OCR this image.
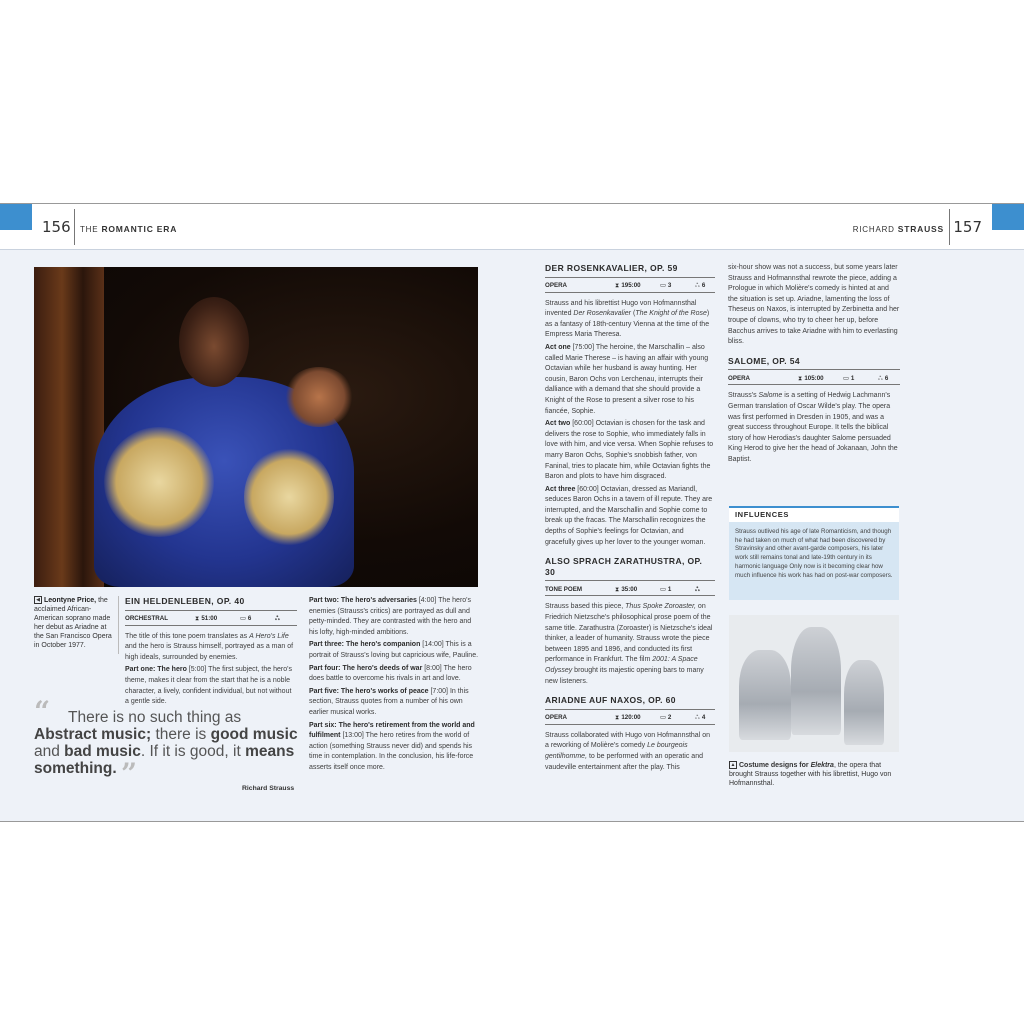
156 THE ROMANTIC ERA	RICHARD STRAUSS 157
◀ Leontyne Price, the acclaimed African-American soprano made her debut as Ariadne at the San Francisco Opera in October 1977.
EIN HELDENLEBEN, OP. 40
ORCHESTRAL	⧗ 51:00	▭ 6	ஃ

The title of this tone poem translates as A Hero's Life and the hero is Strauss himself, portrayed as a man of high ideals, surrounded by enemies.

Part one: The hero [5:00] The first subject, the hero's theme, makes it clear from the start that he is a noble character, a lively, confident individual, but not without a gentle side.

Part two: The hero's adversaries [4:00] The hero's enemies (Strauss's critics) are portrayed as dull and petty-minded. They are contrasted with the hero and his lofty, high-minded ambitions.

Part three: The hero's companion [14:00] This is a portrait of Strauss's loving but capricious wife, Pauline.

Part four: The hero's deeds of war [8:00] The hero does battle to overcome his rivals in art and love.

Part five: The hero's works of peace [7:00] In this section, Strauss quotes from a number of his own earlier musical works.

Part six: The hero's retirement from the world and fulfilment [13:00] The hero retires from the world of action (something Strauss never did) and spends his time in contemplation. In the conclusion, his life-force asserts itself once more.

“	There is no such thing as Abstract music; there is good music and bad music. If it is good, it means something. ”	Richard Strauss
DER ROSENKAVALIER, OP. 59
OPERA	⧗ 195:00	▭ 3	ஃ 6

Strauss and his librettist Hugo von Hofmannsthal invented Der Rosenkavalier (The Knight of the Rose) as a fantasy of 18th-century Vienna at the time of the Empress Maria Theresa.

Act one [75:00] The heroine, the Marschallin – also called Marie Therese – is having an affair with young Octavian while her husband is away hunting. Her cousin, Baron Ochs von Lerchenau, interrupts their dalliance with a demand that she should provide a Knight of the Rose to present a silver rose to his fiancée, Sophie.

Act two [60:00] Octavian is chosen for the task and delivers the rose to Sophie, who immediately falls in love with him, and vice versa. When Sophie refuses to marry Baron Ochs, Sophie's snobbish father, von Faninal, tries to placate him, while Octavian fights the Baron and plots to have him disgraced.

Act three [60:00] Octavian, dressed as Mariandl, seduces Baron Ochs in a tavern of ill repute. They are interrupted, and the Marschallin and Sophie come to break up the fracas. The Marschallin recognizes the depths of Sophie's feelings for Octavian, and gracefully gives up her lover to the younger woman.

ALSO SPRACH ZARATHUSTRA, OP. 30
TONE POEM	⧗ 35:00	▭ 1	ஃ

Strauss based this piece, Thus Spoke Zoroaster, on Friedrich Nietzsche's philosophical prose poem of the same title. Zarathustra (Zoroaster) is Nietzsche's ideal thinker, a leader of humanity. Strauss wrote the piece between 1895 and 1896, and conducted its first performance in Frankfurt. The film 2001: A Space Odyssey brought its majestic opening bars to many new listeners.

ARIADNE AUF NAXOS, OP. 60
OPERA	⧗ 120:00	▭ 2	ஃ 4

Strauss collaborated with Hugo von Hofmannsthal on a reworking of Molière's comedy Le bourgeois gentilhomme, to be performed with an operatic and vaudeville entertainment after the play. This

six-hour show was not a success, but some years later Strauss and Hofmannsthal rewrote the piece, adding a Prologue in which Molière's comedy is hinted at and the situation is set up. Ariadne, lamenting the loss of Theseus on Naxos, is interrupted by Zerbinetta and her troupe of clowns, who try to cheer her up, before Bacchus arrives to take Ariadne with him to everlasting bliss.

SALOME, OP. 54
OPERA	⧗ 105:00	▭ 1	ஃ 6

Strauss's Salome is a setting of Hedwig Lachmann's German translation of Oscar Wilde's play. The opera was first performed in Dresden in 1905, and was a great success throughout Europe. It tells the biblical story of how Herodias's daughter Salome persuaded King Herod to give her the head of Jokanaan, John the Baptist.

INFLUENCES
Strauss outlived his age of late Romanticism, and though he had taken on much of what had been discovered by Stravinsky and other avant-garde composers, his later work still remains tonal and late-19th century in its harmonic language Only now is it becoming clear how much influence his work has had on post-war composers.
▲ Costume designs for Elektra, the opera that brought Strauss together with his librettist, Hugo von Hofmannsthal.
